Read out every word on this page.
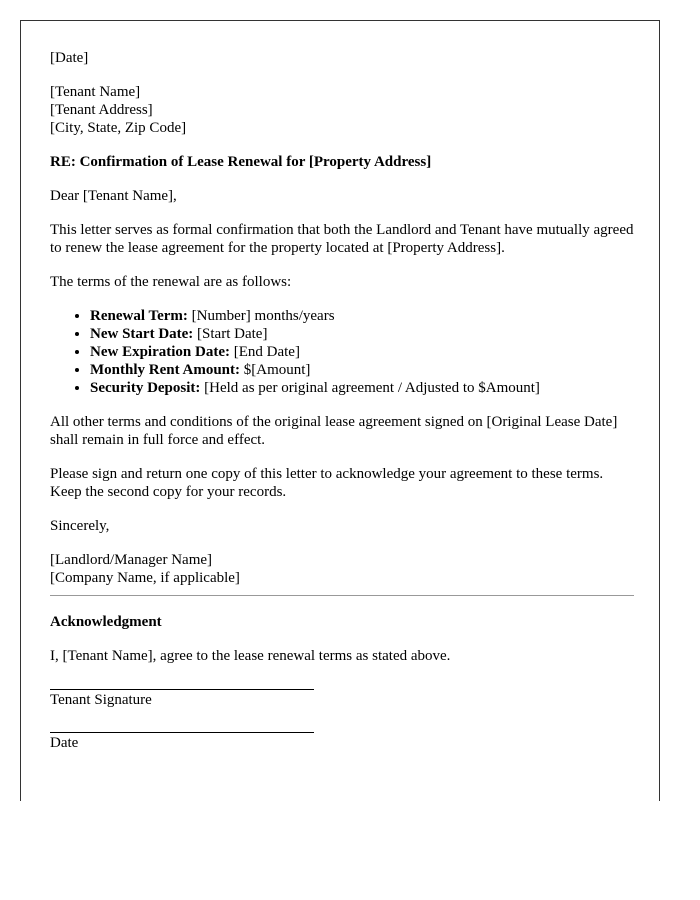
[Date]

[Tenant Name]

[Tenant Address]

[City, State, Zip Code]

RE: Confirmation of Lease Renewal for [Property Address]

Dear [Tenant Name],

This letter serves as formal confirmation that both the Landlord and Tenant have mutually agreed to renew the lease agreement for the property located at [Property Address].

The terms of the renewal are as follows:

• Renewal Term: [Number] months/years
• New Start Date: [Start Date]
• New Expiration Date: [End Date]
• Monthly Rent Amount: $[Amount]
• Security Deposit: [Held as per original agreement / Adjusted to $Amount]

All other terms and conditions of the original lease agreement signed on [Original Lease Date] shall remain in full force and effect.

Please sign and return one copy of this letter to acknowledge your agreement to these terms. Keep the second copy for your records.

Sincerely,

[Landlord/Manager Name]

[Company Name, if applicable]

Acknowledgment

I, [Tenant Name], agree to the lease renewal terms as stated above.

Tenant Signature

Date
